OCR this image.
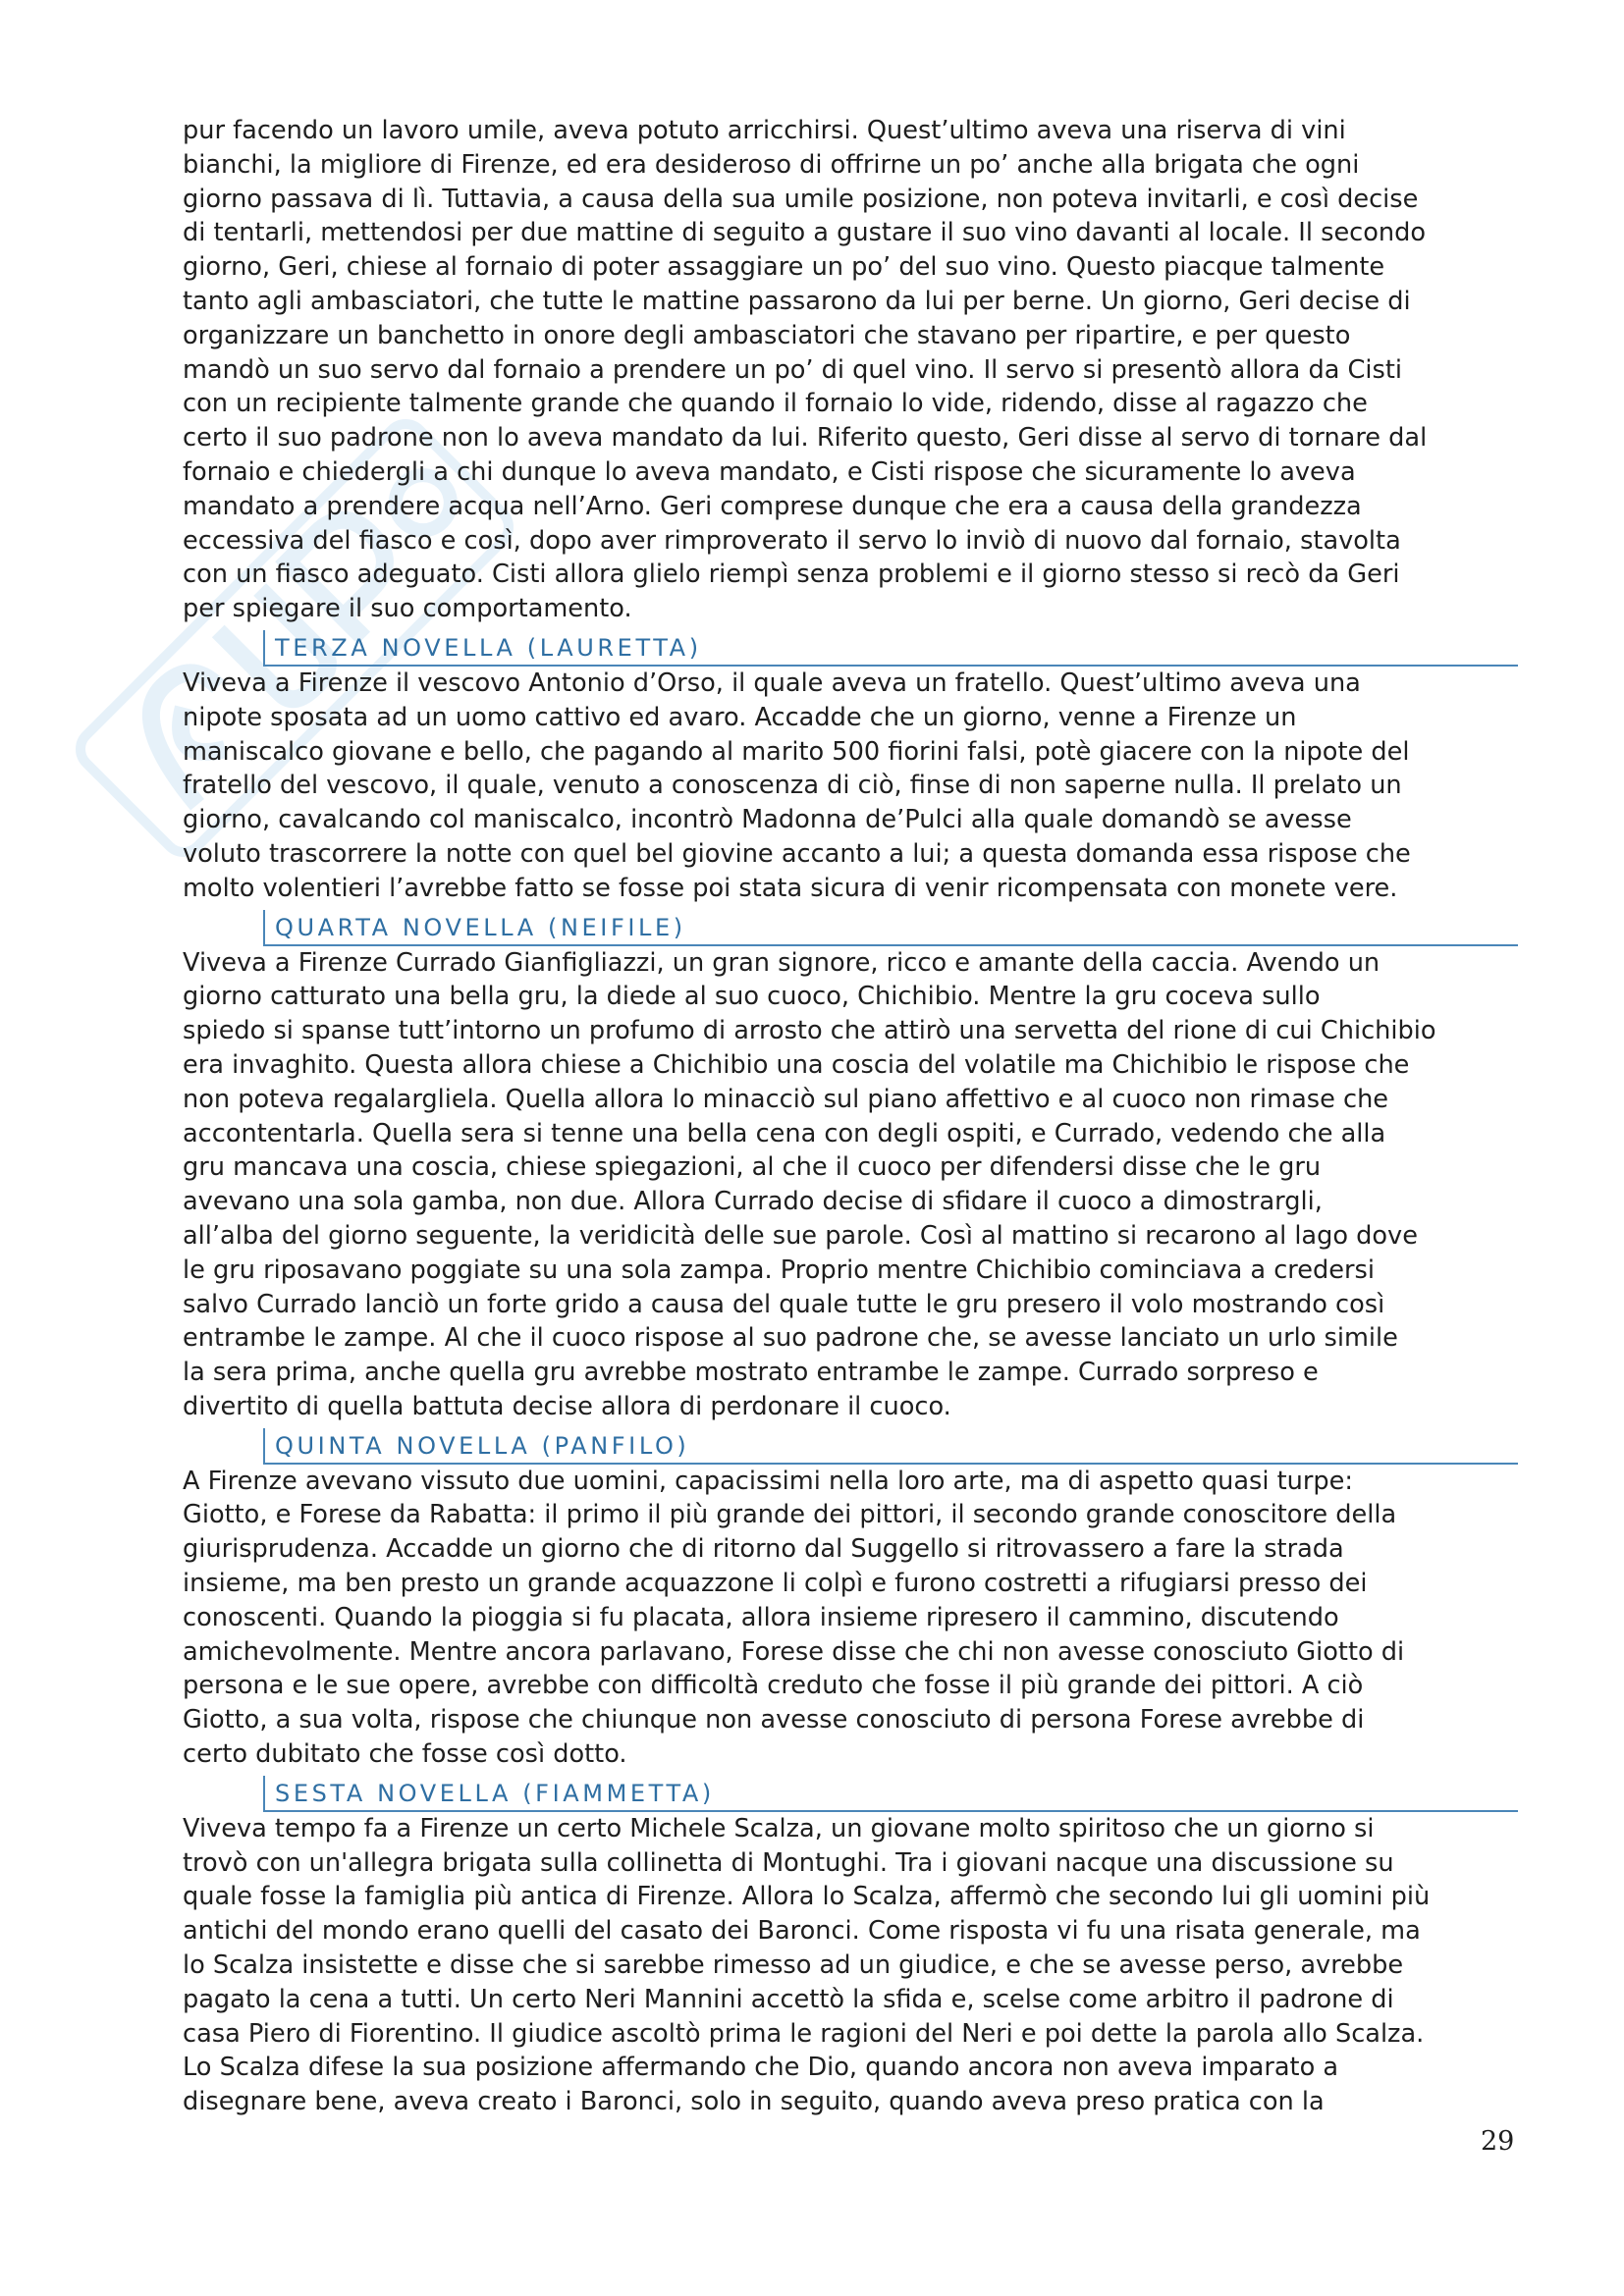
pur facendo un lavoro umile, aveva potuto arricchirsi. Quest’ultimo aveva una riserva di vini
bianchi, la migliore di Firenze, ed era desideroso di offrirne un po’ anche alla brigata che ogni
giorno passava di lì. Tuttavia, a causa della sua umile posizione, non poteva invitarli, e così decise
di tentarli, mettendosi per due mattine di seguito a gustare il suo vino davanti al locale. Il secondo
giorno, Geri, chiese al fornaio di poter assaggiare un po’ del suo vino. Questo piacque talmente
tanto agli ambasciatori, che tutte le mattine passarono da lui per berne. Un giorno, Geri decise di
organizzare un banchetto in onore degli ambasciatori che stavano per ripartire, e per questo
mandò un suo servo dal fornaio a prendere un po’ di quel vino. Il servo si presentò allora da Cisti
con un recipiente talmente grande che quando il fornaio lo vide, ridendo, disse al ragazzo che
certo il suo padrone non lo aveva mandato da lui. Riferito questo, Geri disse al servo di tornare dal
fornaio e chiedergli a chi dunque lo aveva mandato, e Cisti rispose che sicuramente lo aveva
mandato a prendere acqua nell’Arno. Geri comprese dunque che era a causa della grandezza
eccessiva del fiasco e così, dopo aver rimproverato il servo lo inviò di nuovo dal fornaio, stavolta
con un fiasco adeguato. Cisti allora glielo riempì senza problemi e il giorno stesso si recò da Geri
per spiegare il suo comportamento.
TERZA NOVELLA (LAURETTA)
Viveva a Firenze il vescovo Antonio d’Orso, il quale aveva un fratello. Quest’ultimo aveva una
nipote sposata ad un uomo cattivo ed avaro. Accadde che un giorno, venne a Firenze un
maniscalco giovane e bello, che pagando al marito 500 fiorini falsi, potè giacere con la nipote del
fratello del vescovo, il quale, venuto a conoscenza di ciò, finse di non saperne nulla. Il prelato un
giorno, cavalcando col maniscalco, incontrò Madonna de’Pulci alla quale domandò se avesse
voluto trascorrere la notte con quel bel giovine accanto a lui; a questa domanda essa rispose che
molto volentieri l’avrebbe fatto se fosse poi stata sicura di venir ricompensata con monete vere.
QUARTA NOVELLA (NEIFILE)
Viveva a Firenze Currado Gianfigliazzi, un gran signore, ricco e amante della caccia. Avendo un
giorno catturato una bella gru, la diede al suo cuoco, Chichibio. Mentre la gru coceva sullo
spiedo si spanse tutt’intorno un profumo di arrosto che attirò una servetta del rione di cui Chichibio
era invaghito. Questa allora chiese a Chichibio una coscia del volatile ma Chichibio le rispose che
non poteva regalargliela. Quella allora lo minacciò sul piano affettivo e al cuoco non rimase che
accontentarla. Quella sera si tenne una bella cena con degli ospiti, e Currado, vedendo che alla
gru mancava una coscia, chiese spiegazioni, al che il cuoco per difendersi disse che le gru
avevano una sola gamba, non due. Allora Currado decise di sfidare il cuoco a dimostrargli,
all’alba del giorno seguente, la veridicità delle sue parole. Così al mattino si recarono al lago dove
le gru riposavano poggiate su una sola zampa. Proprio mentre Chichibio cominciava a credersi
salvo Currado lanciò un forte grido a causa del quale tutte le gru presero il volo mostrando così
entrambe le zampe. Al che il cuoco rispose al suo padrone che, se avesse lanciato un urlo simile
la sera prima, anche quella gru avrebbe mostrato entrambe le zampe. Currado sorpreso e
divertito di quella battuta decise allora di perdonare il cuoco.
QUINTA NOVELLA (PANFILO)
A Firenze avevano vissuto due uomini, capacissimi nella loro arte, ma di aspetto quasi turpe:
Giotto, e Forese da Rabatta: il primo il più grande dei pittori, il secondo grande conoscitore della
giurisprudenza. Accadde un giorno che di ritorno dal Suggello si ritrovassero a fare la strada
insieme, ma ben presto un grande acquazzone li colpì e furono costretti a rifugiarsi presso dei
conoscenti. Quando la pioggia si fu placata, allora insieme ripresero il cammino, discutendo
amichevolmente. Mentre ancora parlavano, Forese disse che chi non avesse conosciuto Giotto di
persona e le sue opere, avrebbe con difficoltà creduto che fosse il più grande dei pittori. A ciò
Giotto, a sua volta, rispose che chiunque non avesse conosciuto di persona Forese avrebbe di
certo dubitato che fosse così dotto.
SESTA NOVELLA (FIAMMETTA)
Viveva tempo fa a Firenze un certo Michele Scalza, un giovane molto spiritoso che un giorno si
trovò con un'allegra brigata sulla collinetta di Montughi. Tra i giovani nacque una discussione su
quale fosse la famiglia più antica di Firenze. Allora lo Scalza, affermò che secondo lui gli uomini più
antichi del mondo erano quelli del casato dei Baronci. Come risposta vi fu una risata generale, ma
lo Scalza insistette e disse che si sarebbe rimesso ad un giudice, e che se avesse perso, avrebbe
pagato la cena a tutti. Un certo Neri Mannini accettò la sfida e, scelse come arbitro il padrone di
casa Piero di Fiorentino. Il giudice ascoltò prima le ragioni del Neri e poi dette la parola allo Scalza.
Lo Scalza difese la sua posizione affermando che Dio, quando ancora non aveva imparato a
disegnare bene, aveva creato i Baronci, solo in seguito, quando aveva preso pratica con la
29
